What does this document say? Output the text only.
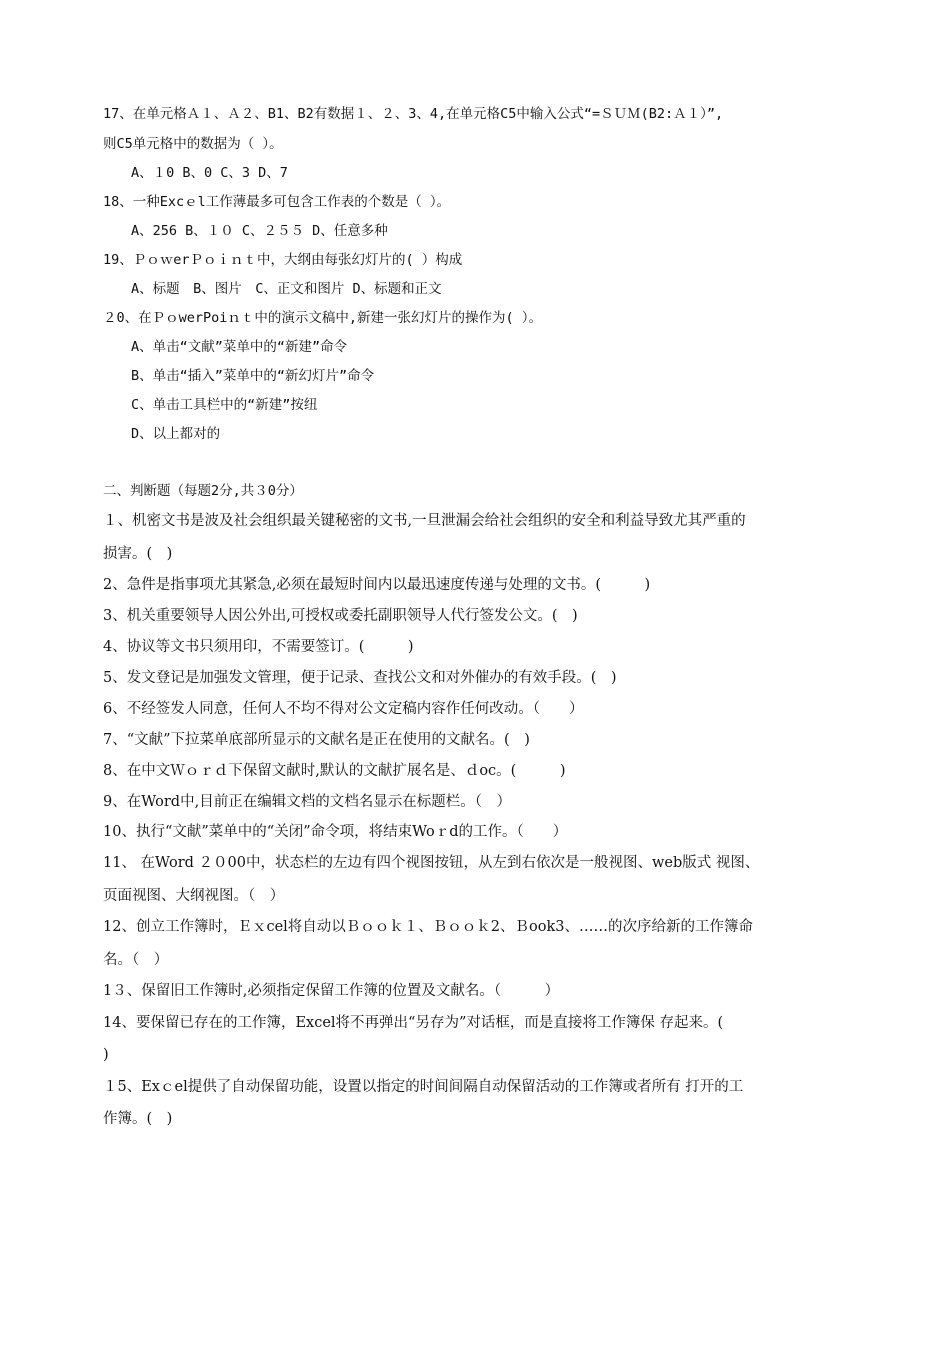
17、在单元格Ａ１、Ａ２、B1、B2有数据１、２、3、4,在单元格C5中输入公式“=ＳＵＭ(B2:Ａ１）”,
则C5单元格中的数据为（ ）。
A、１0 B、0 C、3 D、7
18、一种Excｅl工作薄最多可包含工作表的个数是（ ）。
A、256 B、１０ C、２５５ D、任意多种
19、ＰｏｗerＰｏｉｎｔ中，大纲由每张幻灯片的( ）构成
A、标题　B、图片　C、正文和图片 D、标题和正文
２0、在ＰｏwerPoiｎｔ中的演示文稿中,新建一张幻灯片的操作为( ）。
A、单击“文献”菜单中的“新建”命令
B、单击“插入”菜单中的“新幻灯片”命令
C、单击工具栏中的“新建”按纽
D、以上都对的
二、判断题（每题2分,共３0分）
１、机密文书是波及社会组织最关键秘密的文书,一旦泄漏会给社会组织的安全和利益导致尤其严重的
损害。(　)
2、急件是指事项尤其紧急,必须在最短时间内以最迅速度传递与处理的文书。(　　　)
3、机关重要领导人因公外出,可授权或委托副职领导人代行签发公文。(　)
4、协议等文书只须用印，不需要签订。(　　　)
5、发文登记是加强发文管理，便于记录、查找公文和对外催办的有效手段。(　)
6、不经签发人同意，任何人不均不得对公文定稿内容作任何改动。（　　）
7、“文献”下拉菜单底部所显示的文献名是正在使用的文献名。(　)
8、在中文Ｗｏｒｄ下保留文献时,默认的文献扩展名是、ｄoc。(　　　)
9、在Word中,目前正在编辑文档的文档名显示在标题栏。（　）
10、执行“文献”菜单中的“关闭”命令项，将结束Woｒd的工作。（　　）
11、 在Word ２０00中，状态栏的左边有四个视图按钮，从左到右依次是一般视图、web版式 视图、
页面视图、大纲视图。（　）
12、创立工作簿时，Ｅｘcel将自动以Ｂｏｏｋ１、Ｂｏｏｋ2、Ｂook3、……的次序给新的工作簿命
名。（　）
1３、保留旧工作簿时,必须指定保留工作簿的位置及文献名。（　　　）
14、要保留已存在的工作簿，Excel将不再弹出“另存为”对话框，而是直接将工作簿保 存起来。(
)
１5、Exｃel提供了自动保留功能，设置以指定的时间间隔自动保留活动的工作簿或者所有 打开的工
作簿。(　)
